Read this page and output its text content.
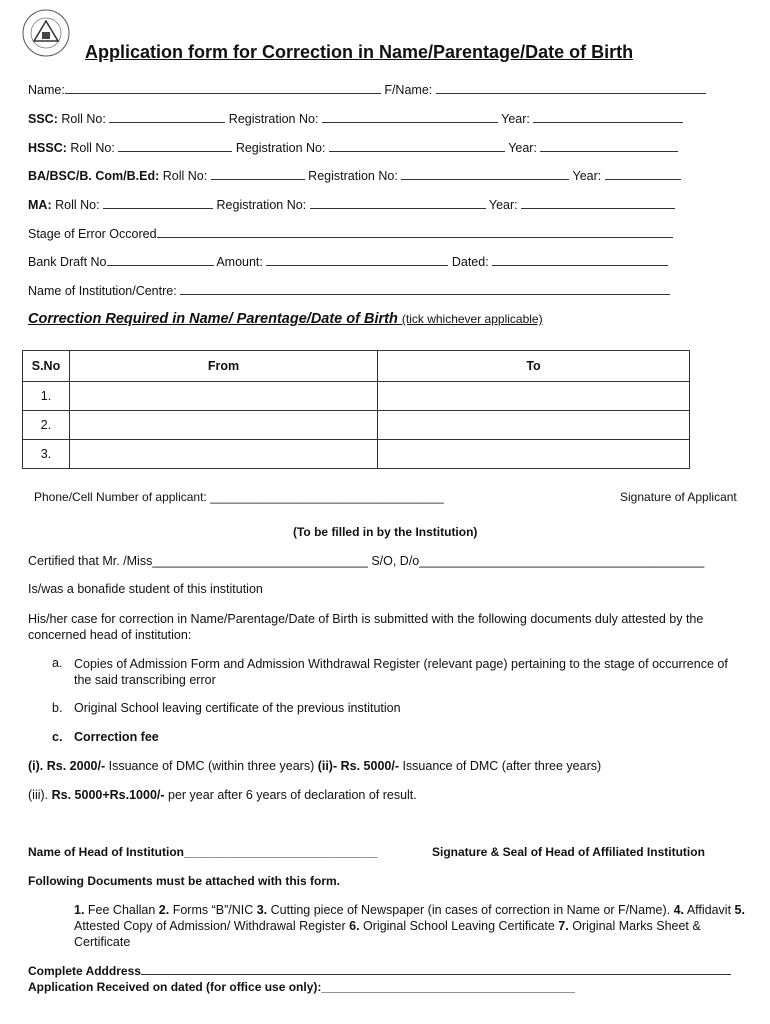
Application form for Correction in Name/Parentage/Date of Birth
Name:	F/Name:
SSC: Roll No:	Registration No:	Year:
HSSC: Roll No:	Registration No:	Year:
BA/BSC/B. Com/B.Ed: Roll No:	Registration No:	Year:
MA: Roll No:	Registration No:	Year:
Stage of Error Occored
Bank Draft No	Amount:	Dated:
Name of Institution/Centre:
Correction Required in Name/ Parentage/Date of Birth (tick whichever applicable)
S.No	From	To
1.		
2.		
3.		
Phone/Cell Number of applicant: ___________________________________	Signature of Applicant
(To be filled in by the Institution)
Certified that Mr. /Miss_______________________________ S/O, D/o_________________________________________
Is/was a bonafide student of this institution
His/her case for correction in Name/Parentage/Date of Birth is submitted with the following documents duly attested by the concerned head of institution:
a. Copies of Admission Form and Admission Withdrawal Register (relevant page) pertaining to the stage of occurrence of the said transcribing error
b. Original School leaving certificate of the previous institution
c. Correction fee
(i). Rs. 2000/- Issuance of DMC (within three years) (ii)- Rs. 5000/- Issuance of DMC (after three years)
(iii). Rs. 5000+Rs.1000/- per year after 6 years of declaration of result.
Name of Head of Institution_____________________________	Signature & Seal of Head of Affiliated Institution
Following Documents must be attached with this form.
1. Fee Challan 2. Forms “B”/NIC 3. Cutting piece of Newspaper (in cases of correction in Name or F/Name). 4. Affidavit 5. Attested Copy of Admission/ Withdrawal Register 6. Original School Leaving Certificate 7. Original Marks Sheet & Certificate
Complete Adddress
Application Received on dated (for office use only):______________________________________
